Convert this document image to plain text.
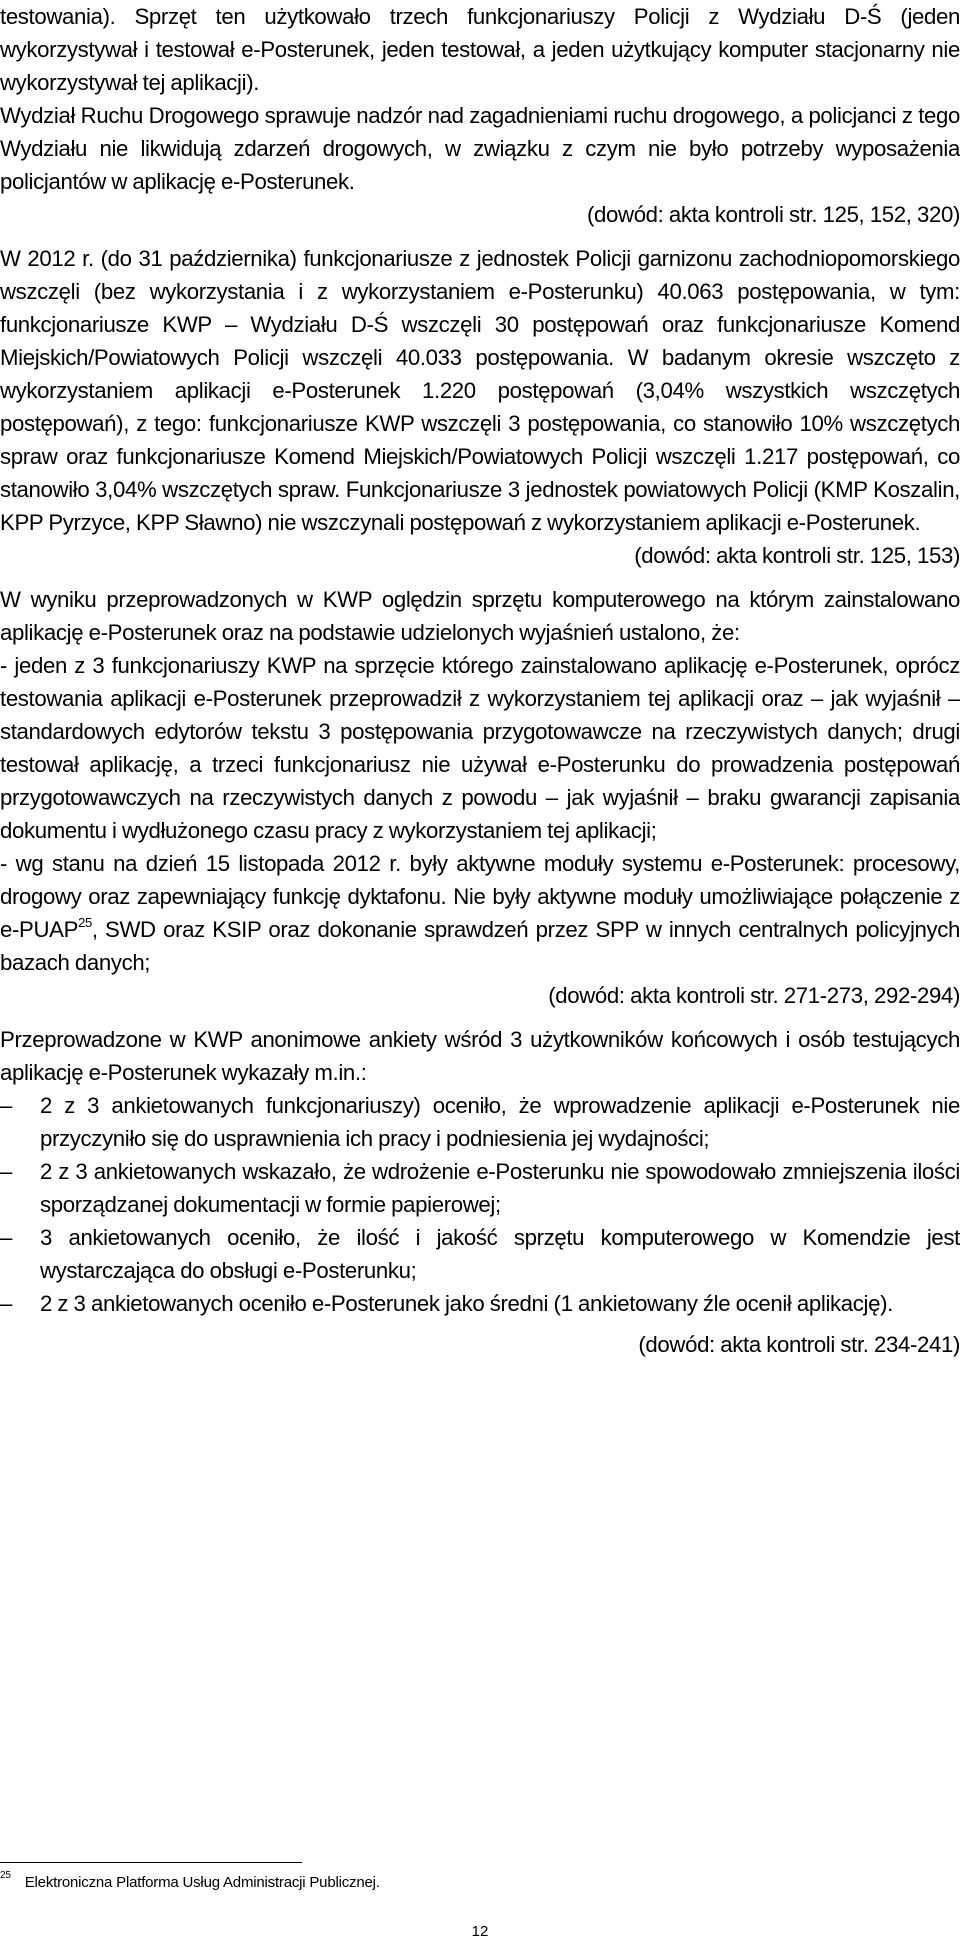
testowania). Sprzęt ten użytkowało trzech funkcjonariuszy Policji z Wydziału D-Ś (jeden wykorzystywał i testował e-Posterunek, jeden testował, a jeden użytkujący komputer stacjonarny nie wykorzystywał tej aplikacji).

Wydział Ruchu Drogowego sprawuje nadzór nad zagadnieniami ruchu drogowego, a policjanci z tego Wydziału nie likwidują zdarzeń drogowych, w związku z czym nie było potrzeby wyposażenia policjantów w aplikację e-Posterunek.

(dowód: akta kontroli str. 125, 152, 320)

W 2012 r. (do 31 października) funkcjonariusze z jednostek Policji garnizonu zachodniopomorskiego wszczęli (bez wykorzystania i z wykorzystaniem e-Posterunku) 40.063 postępowania, w tym: funkcjonariusze KWP – Wydziału D-Ś wszczęli 30 postępowań oraz funkcjonariusze Komend Miejskich/Powiatowych Policji wszczęli 40.033 postępowania. W badanym okresie wszczęto z wykorzystaniem aplikacji e-Posterunek 1.220 postępowań (3,04% wszystkich wszczętych postępowań), z tego: funkcjonariusze KWP wszczęli 3 postępowania, co stanowiło 10% wszczętych spraw oraz funkcjonariusze Komend Miejskich/Powiatowych Policji wszczęli 1.217 postępowań, co stanowiło 3,04% wszczętych spraw. Funkcjonariusze 3 jednostek powiatowych Policji (KMP Koszalin, KPP Pyrzyce, KPP Sławno) nie wszczynali postępowań z wykorzystaniem aplikacji e-Posterunek.

(dowód: akta kontroli str. 125, 153)

W wyniku przeprowadzonych w KWP oględzin sprzętu komputerowego na którym zainstalowano aplikację e-Posterunek oraz na podstawie udzielonych wyjaśnień ustalono, że:

- jeden z 3 funkcjonariuszy KWP na sprzęcie którego zainstalowano aplikację e-Posterunek, oprócz testowania aplikacji e-Posterunek przeprowadził z wykorzystaniem tej aplikacji oraz – jak wyjaśnił – standardowych edytorów tekstu 3 postępowania przygotowawcze na rzeczywistych danych; drugi testował aplikację, a trzeci funkcjonariusz nie używał e-Posterunku do prowadzenia postępowań przygotowawczych na rzeczywistych danych z powodu – jak wyjaśnił – braku gwarancji zapisania dokumentu i wydłużonego czasu pracy z wykorzystaniem tej aplikacji;

- wg stanu na dzień 15 listopada 2012 r. były aktywne moduły systemu e-Posterunek: procesowy, drogowy oraz zapewniający funkcję dyktafonu. Nie były aktywne moduły umożliwiające połączenie z e-PUAP$^{25}$, SWD oraz KSIP oraz dokonanie sprawdzeń przez SPP w innych centralnych policyjnych bazach danych;

(dowód: akta kontroli str. 271-273, 292-294)

Przeprowadzone w KWP anonimowe ankiety wśród 3 użytkowników końcowych i osób testujących aplikację e-Posterunek wykazały m.in.:

–	2 z 3 ankietowanych funkcjonariuszy) oceniło, że wprowadzenie aplikacji e-Posterunek nie przyczyniło się do usprawnienia ich pracy i podniesienia jej wydajności;
–	2 z 3 ankietowanych wskazało, że wdrożenie e-Posterunku nie spowodowało zmniejszenia ilości sporządzanej dokumentacji w formie papierowej;
–	3 ankietowanych oceniło, że ilość i jakość sprzętu komputerowego w Komendzie jest wystarczająca do obsługi e-Posterunku;
–	2 z 3 ankietowanych oceniło e-Posterunek jako średni (1 ankietowany źle ocenił aplikację).

(dowód: akta kontroli str. 234-241)

$^{25}$ Elektroniczna Platforma Usług Administracji Publicznej.
12
